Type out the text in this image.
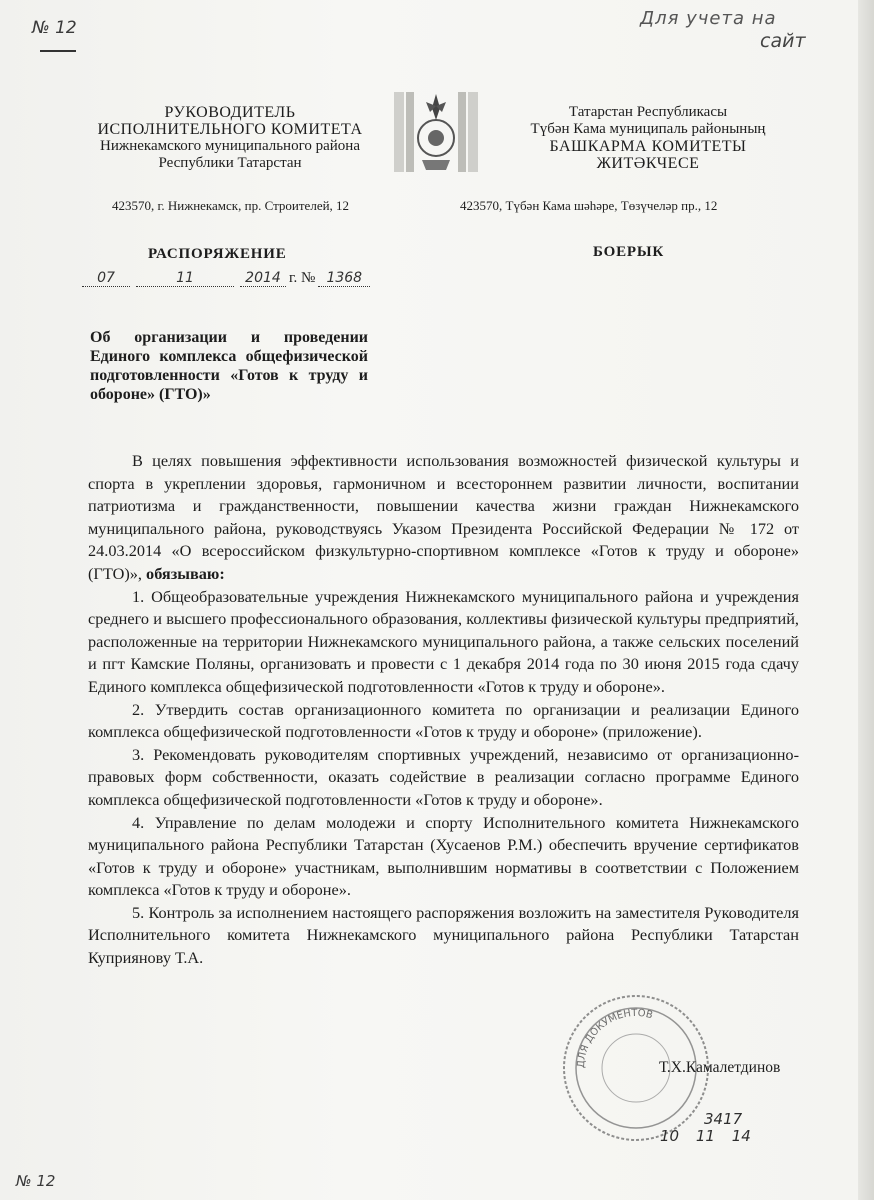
№ 12	Для учета на
сайт
№ 12
РУКОВОДИТЕЛЬ
ИСПОЛНИТЕЛЬНОГО КОМИТЕТА
Нижнекамского муниципального района
Республики Татарстан
Татарстан Республикасы
Түбән Кама муниципаль районының
БАШКАРМА КОМИТЕТЫ
ЖИТӘКЧЕСЕ
423570, г. Нижнекамск, пр. Строителей, 12	423570, Түбән Кама шәһәре, Төзүчеләр пр., 12
РАСПОРЯЖЕНИЕ	БОЕРЫК
07	11	2014 г. № 1368
Об организации и проведении Единого комплекса общефизической подготовленности «Готов к труду и обороне» (ГТО)»

В целях повышения эффективности использования возможностей физической культуры и спорта в укреплении здоровья, гармоничном и всестороннем развитии личности, воспитании патриотизма и гражданственности, повышении качества жизни граждан Нижнекамского муниципального района, руководствуясь Указом Президента Российской Федерации № 172 от 24.03.2014 «О всероссийском физкультурно-спортивном комплексе «Готов к труду и обороне» (ГТО)», обязываю:

1. Общеобразовательные учреждения Нижнекамского муниципального района и учреждения среднего и высшего профессионального образования, коллективы физической культуры предприятий, расположенные на территории Нижнекамского муниципального района, а также сельских поселений и пгт Камские Поляны, организовать и провести с 1 декабря 2014 года по 30 июня 2015 года сдачу Единого комплекса общефизической подготовленности «Готов к труду и обороне».

2. Утвердить состав организационного комитета по организации и реализации Единого комплекса общефизической подготовленности «Готов к труду и обороне» (приложение).

3. Рекомендовать руководителям спортивных учреждений, независимо от организационно-правовых форм собственности, оказать содействие в реализации согласно программе Единого комплекса общефизической подготовленности «Готов к труду и обороне».

4. Управление по делам молодежи и спорту Исполнительного комитета Нижнекамского муниципального района Республики Татарстан (Хусаенов Р.М.) обеспечить вручение сертификатов «Готов к труду и обороне» участникам, выполнившим нормативы в соответствии с Положением комплекса «Готов к труду и обороне».

5. Контроль за исполнением настоящего распоряжения возложить на заместителя Руководителя Исполнительного комитета Нижнекамского муниципального района Республики Татарстан Куприянову Т.А.

ДЛЯ ДОКУМЕНТОВ
Т.Х.Камалетдинов
3417
10 11 14
